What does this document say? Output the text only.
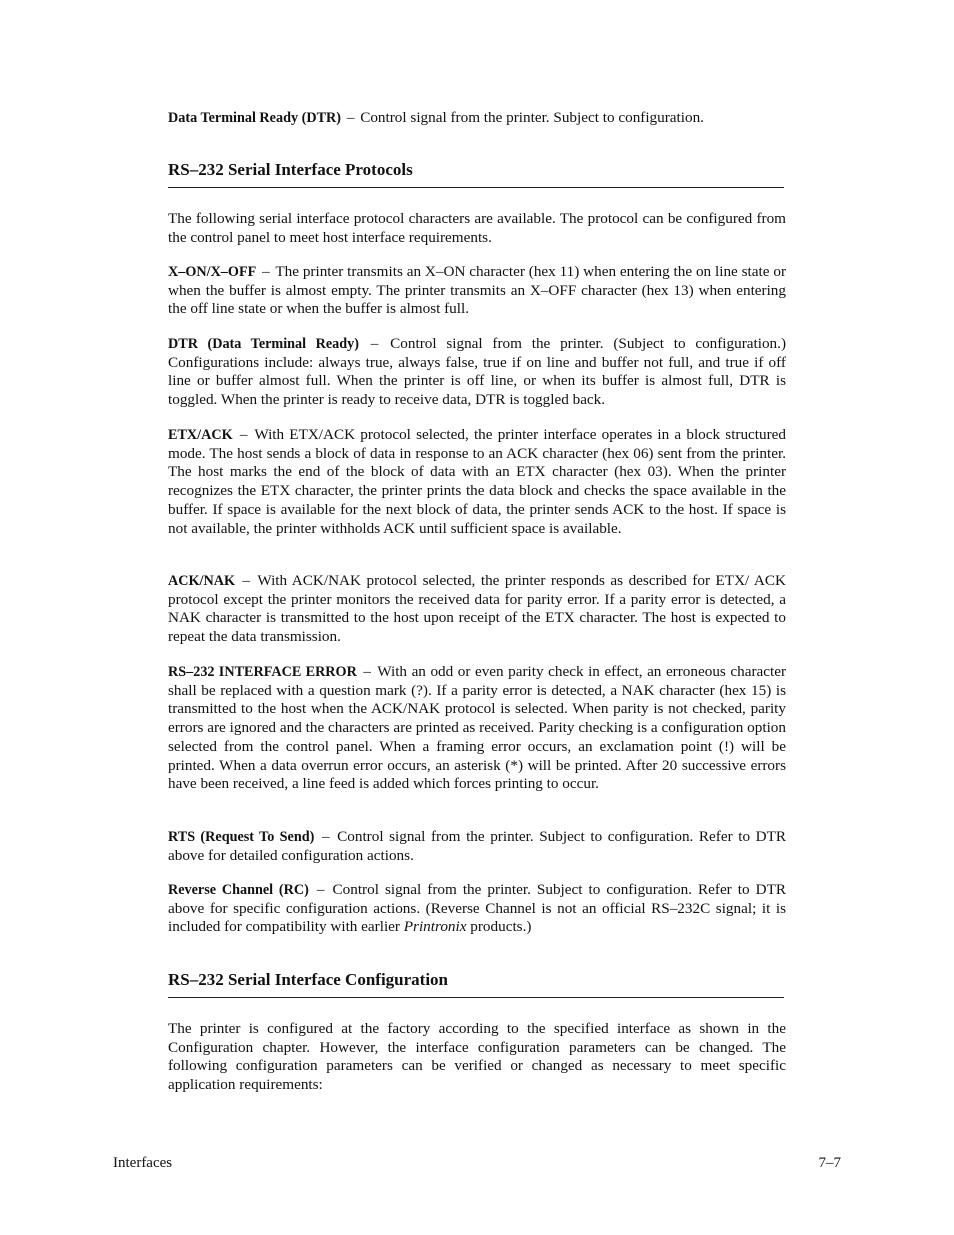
Data Terminal Ready (DTR) – Control signal from the printer. Subject to configuration.

RS–232 Serial Interface Protocols

The following serial interface protocol characters are available. The protocol can be configured from the control panel to meet host interface requirements.

X–ON/X–OFF – The printer transmits an X–ON character (hex 11) when entering the on line state or when the buffer is almost empty. The printer transmits an X–OFF character (hex 13) when entering the off line state or when the buffer is almost full.

DTR (Data Terminal Ready) – Control signal from the printer. (Subject to configuration.) Configurations include: always true, always false, true if on line and buffer not full, and true if off line or buffer almost full. When the printer is off line, or when its buffer is almost full, DTR is toggled. When the printer is ready to receive data, DTR is toggled back.

ETX/ACK – With ETX/ACK protocol selected, the printer interface operates in a block structured mode. The host sends a block of data in response to an ACK character (hex 06) sent from the printer. The host marks the end of the block of data with an ETX character (hex 03). When the printer recognizes the ETX character, the printer prints the data block and checks the space available in the buffer. If space is available for the next block of data, the printer sends ACK to the host. If space is not available, the printer withholds ACK until sufficient space is available.

ACK/NAK – With ACK/NAK protocol selected, the printer responds as described for ETX/ ACK protocol except the printer monitors the received data for parity error. If a parity error is detected, a NAK character is transmitted to the host upon receipt of the ETX character. The host is expected to repeat the data transmission.

RS–232 INTERFACE ERROR – With an odd or even parity check in effect, an erroneous character shall be replaced with a question mark (?). If a parity error is detected, a NAK character (hex 15) is transmitted to the host when the ACK/NAK protocol is selected. When parity is not checked, parity errors are ignored and the characters are printed as received. Parity checking is a configuration option selected from the control panel. When a framing error occurs, an exclamation point (!) will be printed. When a data overrun error occurs, an asterisk (*) will be printed. After 20 successive errors have been received, a line feed is added which forces printing to occur.

RTS (Request To Send) – Control signal from the printer. Subject to configuration. Refer to DTR above for detailed configuration actions.

Reverse Channel (RC) – Control signal from the printer. Subject to configuration. Refer to DTR above for specific configuration actions. (Reverse Channel is not an official RS–232C signal; it is included for compatibility with earlier Printronix products.)

RS–232 Serial Interface Configuration

The printer is configured at the factory according to the specified interface as shown in the Configuration chapter. However, the interface configuration parameters can be changed. The following configuration parameters can be verified or changed as necessary to meet specific application requirements:

Interfaces	7–7
